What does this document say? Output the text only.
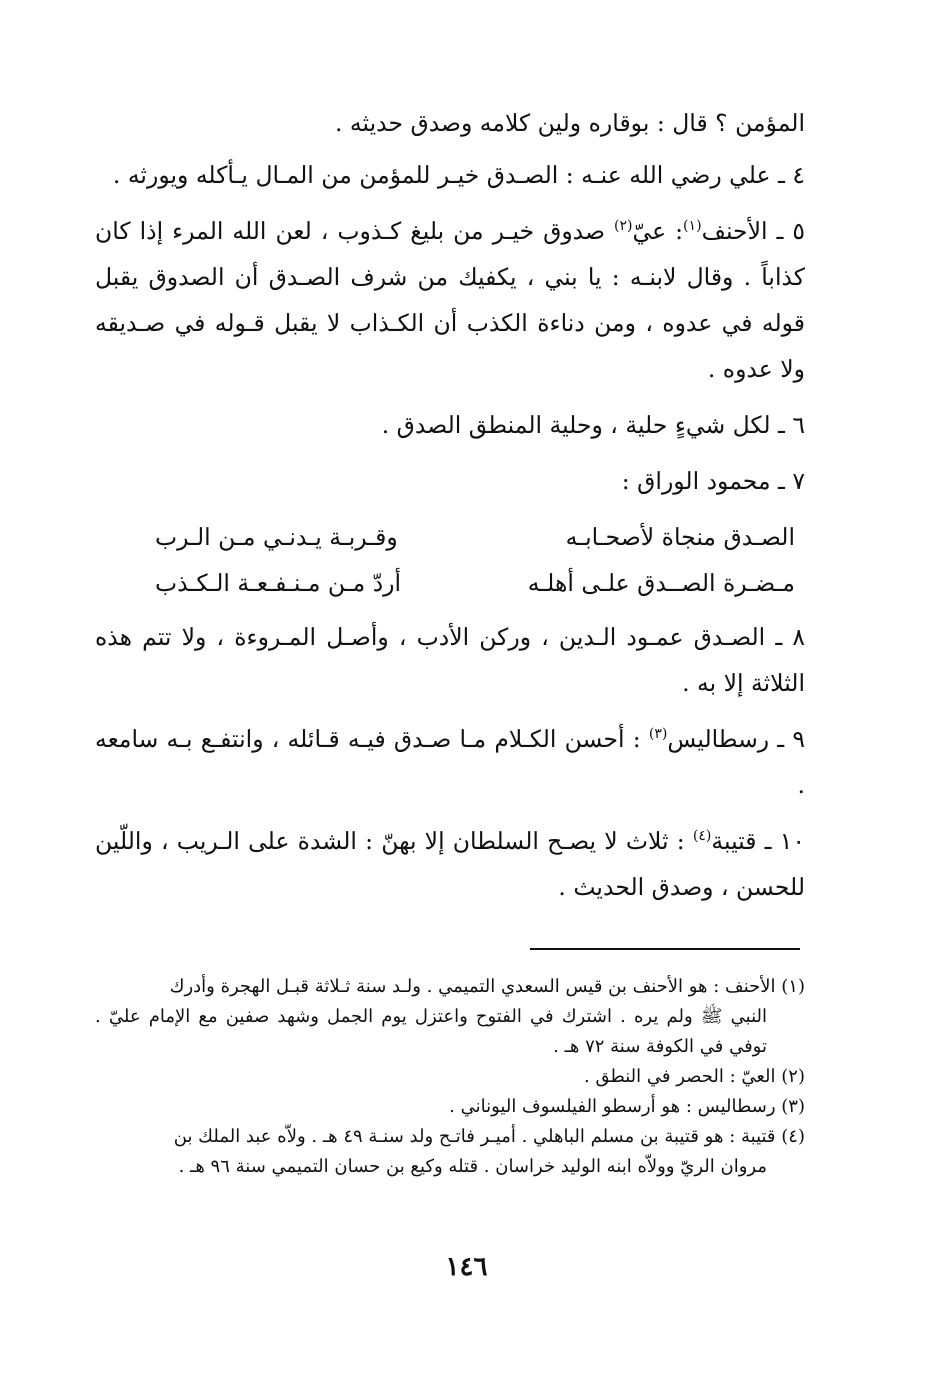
المؤمن ؟ قال : بوقاره ولين كلامه وصدق حديثه .

٤ ـ علي رضي الله عنـه : الصـدق خيـر للمؤمن من المـال يـأكله ويورثه .

٥ ـ الأحنف$^{(١)}$: عيّ$^{(٢)}$ صدوق خيـر من بليغ كـذوب ، لعن الله المرء إذا كان كذاباً . وقال لابنـه : يا بني ، يكفيك من شرف الصـدق أن الصدوق يقبل قوله في عدوه ، ومن دناءة الكذب أن الكـذاب لا يقبل قـوله في صـديقه ولا عدوه .

٦ ـ لكل شيءٍ حلية ، وحلية المنطق الصدق .

٧ ـ محمود الوراق :

الصـدق منجاة لأصحـابـه
وقـربـة يـدنـي مـن الـرب
مـضـرة الصــدق علـى أهلـه
أردّ مـن مـنـفـعـة الـكـذب

٨ ـ الصـدق عمـود الـدين ، وركن الأدب ، وأصـل المـروءة ، ولا تتم هذه الثلاثة إلا به .

٩ ـ رسطاليس$^{(٣)}$ : أحسن الكـلام مـا صـدق فيـه قـائله ، وانتفـع بـه سامعه .

١٠ ـ قتيبة$^{(٤)}$ : ثلاث لا يصـح السلطان إلا بهنّ : الشدة على الـريب ، واللّين للحسن ، وصدق الحديث .

(١) الأحنف : هو الأحنف بن قيس السعدي التميمي . ولـد سنة ثـلاثة قبـل الهجرة وأدرك
النبي ﷺ ولم يره . اشترك في الفتوح واعتزل يوم الجمل وشهد صفين مع الإمام عليّ . توفي في الكوفة سنة ٧٢ هـ .

(٢) العيّ : الحصر في النطق .

(٣) رسطاليس : هو أرسطو الفيلسوف اليوناني .

(٤) قتيبة : هو قتيبة بن مسلم الباهلي . أميـر فاتـح ولد سنـة ٤٩ هـ . ولاّه عبد الملك بن
مروان الريّ وولاّه ابنه الوليد خراسان . قتله وكيع بن حسان التميمي سنة ٩٦ هـ .

١٤٦
